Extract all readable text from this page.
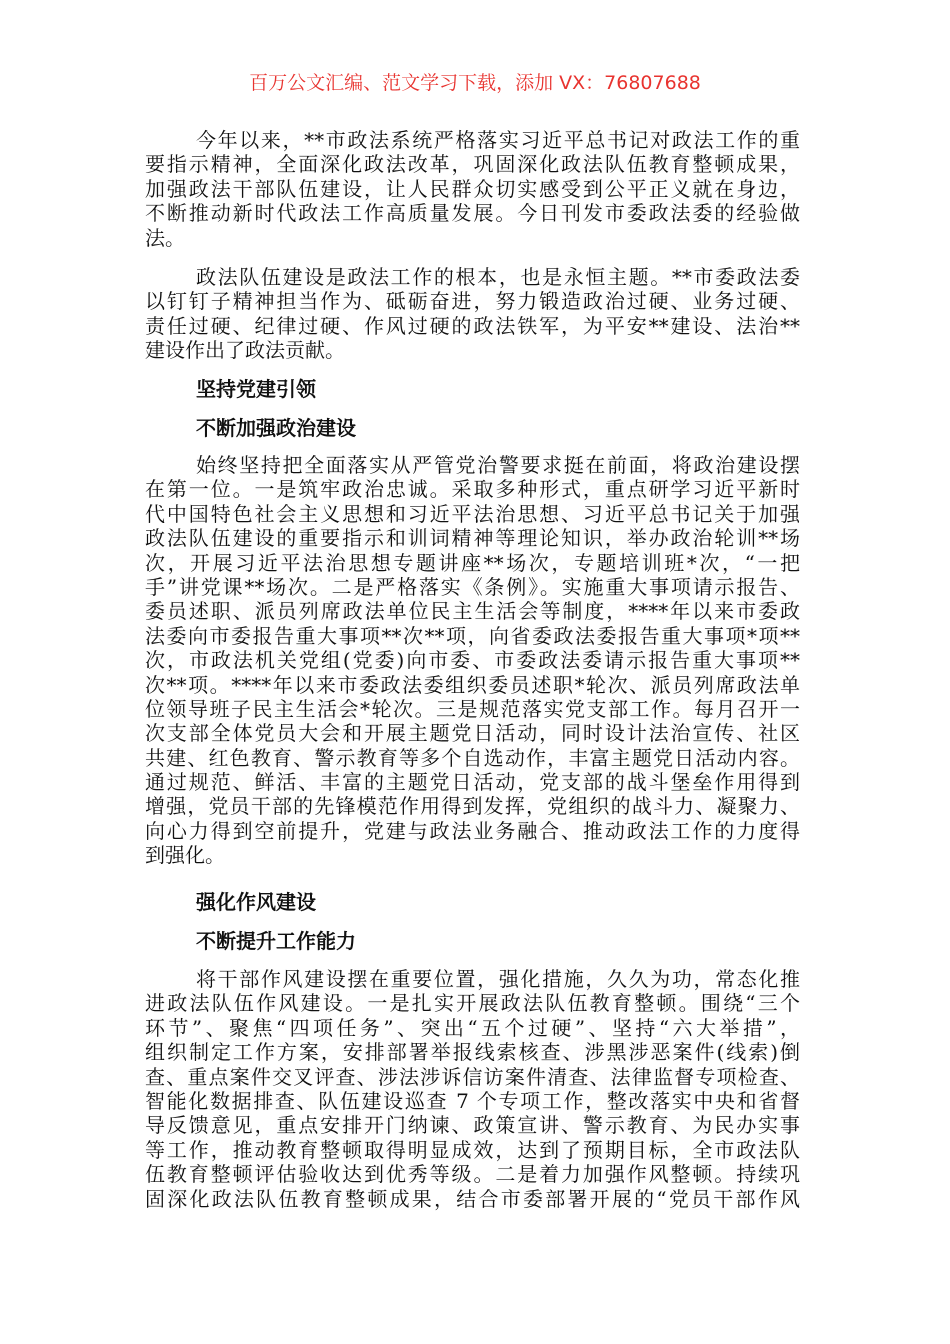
百万公文汇编、范文学习下载，添加 VX：76807688
今年以来，**市政法系统严格落实习近平总书记对政法工作的重
要指示精神，全面深化政法改革，巩固深化政法队伍教育整顿成果，
加强政法干部队伍建设，让人民群众切实感受到公平正义就在身边，
不断推动新时代政法工作高质量发展。今日刊发市委政法委的经验做
法。
政法队伍建设是政法工作的根本，也是永恒主题。**市委政法委
以钉钉子精神担当作为、砥砺奋进，努力锻造政治过硬、业务过硬、
责任过硬、纪律过硬、作风过硬的政法铁军，为平安**建设、法治**
建设作出了政法贡献。
坚持党建引领
不断加强政治建设
始终坚持把全面落实从严管党治警要求挺在前面，将政治建设摆
在第一位。一是筑牢政治忠诚。采取多种形式，重点研学习近平新时
代中国特色社会主义思想和习近平法治思想、习近平总书记关于加强
政法队伍建设的重要指示和训词精神等理论知识，举办政治轮训**场
次，开展习近平法治思想专题讲座**场次，专题培训班*次，“一把
手”讲党课**场次。二是严格落实《条例》。实施重大事项请示报告、
委员述职、派员列席政法单位民主生活会等制度，****年以来市委政
法委向市委报告重大事项**次**项，向省委政法委报告重大事项*项**
次，市政法机关党组(党委)向市委、市委政法委请示报告重大事项**
次**项。****年以来市委政法委组织委员述职*轮次、派员列席政法单
位领导班子民主生活会*轮次。三是规范落实党支部工作。每月召开一
次支部全体党员大会和开展主题党日活动，同时设计法治宣传、社区
共建、红色教育、警示教育等多个自选动作，丰富主题党日活动内容。
通过规范、鲜活、丰富的主题党日活动，党支部的战斗堡垒作用得到
增强，党员干部的先锋模范作用得到发挥，党组织的战斗力、凝聚力、
向心力得到空前提升，党建与政法业务融合、推动政法工作的力度得
到强化。
强化作风建设
不断提升工作能力
将干部作风建设摆在重要位置，强化措施，久久为功，常态化推
进政法队伍作风建设。一是扎实开展政法队伍教育整顿。围绕“三个
环节”、聚焦“四项任务”、突出“五个过硬”、坚持“六大举措”，
组织制定工作方案，安排部署举报线索核查、涉黑涉恶案件(线索)倒
查、重点案件交叉评查、涉法涉诉信访案件清查、法律监督专项检查、
智能化数据排查、队伍建设巡查 7 个专项工作，整改落实中央和省督
导反馈意见，重点安排开门纳谏、政策宣讲、警示教育、为民办实事
等工作，推动教育整顿取得明显成效，达到了预期目标，全市政法队
伍教育整顿评估验收达到优秀等级。二是着力加强作风整顿。持续巩
固深化政法队伍教育整顿成果，结合市委部署开展的“党员干部作风
